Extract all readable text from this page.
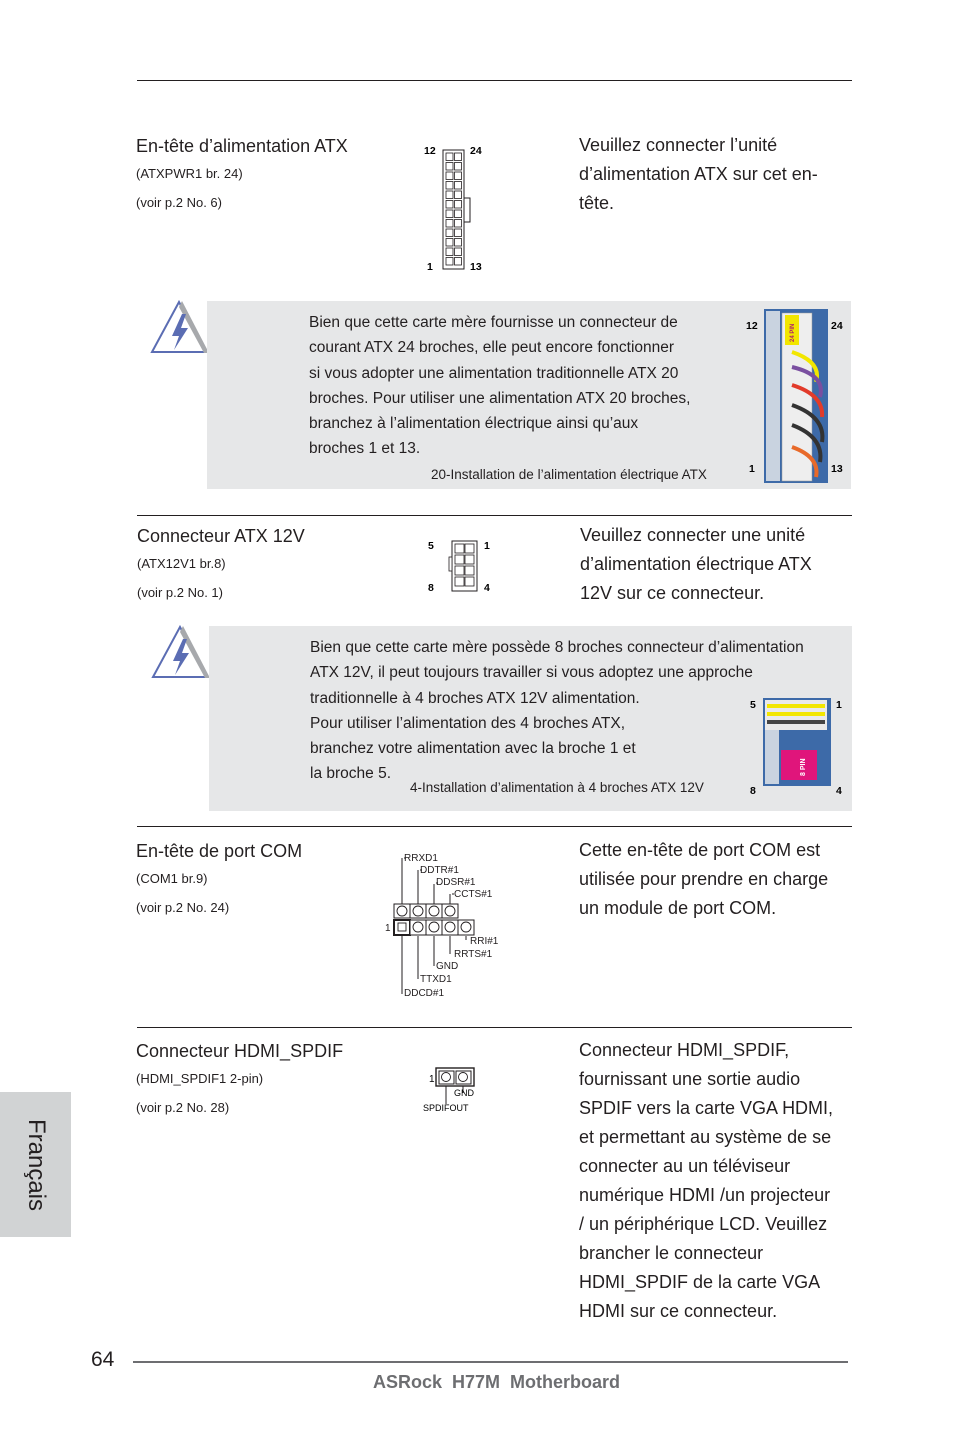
En-tête d’alimentation ATX
(ATXPWR1 br. 24)
(voir p.2 No. 6)
12	24
1	13
Veuillez connecter l’unité
d’alimentation ATX sur cet en-
tête.
Bien que cette carte mère fournisse un connecteur de
courant ATX 24 broches, elle peut encore fonctionner
si vous adopter une alimentation traditionnelle ATX 20
broches. Pour utiliser une alimentation ATX 20 broches,
branchez à l’alimentation électrique ainsi qu’aux
broches 1 et 13.
20-Installation de l’alimentation électrique ATX
12	24
24 PIN
1	13
Connecteur ATX 12V
(ATX12V1 br.8)
(voir p.2 No. 1)
5	1
8	4
Veuillez connecter une unité
d’alimentation électrique ATX
12V sur ce connecteur.
Bien que cette carte mère possède 8 broches connecteur d’alimentation
ATX 12V, il peut toujours travailler si vous adoptez une approche
traditionnelle à 4 broches ATX 12V alimentation.
Pour utiliser l’alimentation des 4 broches ATX,
branchez votre alimentation avec la broche 1 et
la broche 5.
4-Installation d’alimentation à 4 broches ATX 12V
5	1
8 PIN
8	4
En-tête de port COM
(COM1 br.9)
(voir p.2 No. 24)
RRXD1
DDTR#1
DDSR#1
CCTS#1
1
RRI#1
RRTS#1
GND
TTXD1
DDCD#1
Cette en-tête de port COM est
utilisée pour prendre en charge
un module de port COM.
Connecteur HDMI_SPDIF
(HDMI_SPDIF1 2-pin)
(voir p.2 No. 28)
1
GND
SPDIFOUT
Connecteur HDMI_SPDIF,
fournissant une sortie audio
SPDIF vers la carte VGA HDMI,
et permettant au système de se
connecter au un téléviseur
numérique HDMI /un projecteur
/ un périphérique LCD. Veuillez
brancher le connecteur
HDMI_SPDIF de la carte VGA
HDMI sur ce connecteur.
Français
64
ASRock  H77M  Motherboard
